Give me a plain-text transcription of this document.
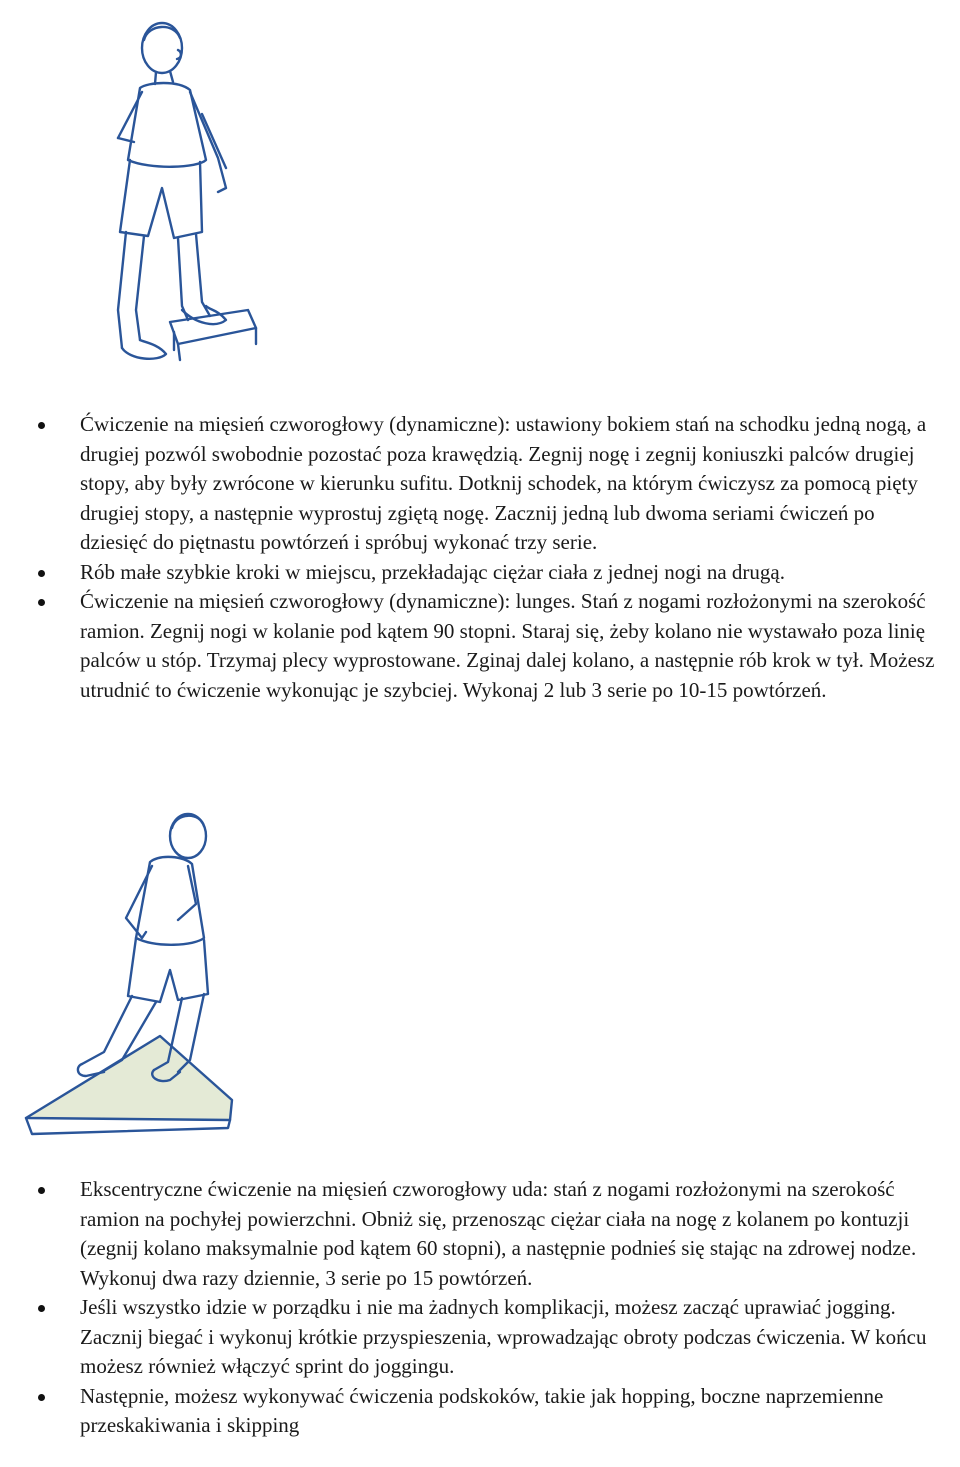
Ćwiczenie na mięsień czworogłowy (dynamiczne): ustawiony bokiem stań na schodku jedną nogą, a drugiej pozwól swobodnie pozostać poza krawędzią. Zegnij nogę i zegnij koniuszki palców drugiej stopy, aby były zwrócone w kierunku sufitu. Dotknij schodek, na którym ćwiczysz za pomocą pięty drugiej stopy, a następnie wyprostuj zgiętą nogę. Zacznij jedną lub dwoma seriami ćwiczeń po dziesięć do piętnastu powtórzeń i spróbuj wykonać trzy serie.
Rób małe szybkie kroki w miejscu, przekładając ciężar ciała z jednej nogi na drugą.
Ćwiczenie na mięsień czworogłowy (dynamiczne): lunges. Stań z nogami rozłożonymi na szerokość ramion. Zegnij nogi w kolanie pod kątem 90 stopni. Staraj się, żeby kolano nie wystawało poza linię palców u stóp. Trzymaj plecy wyprostowane. Zginaj dalej kolano, a następnie rób krok w tył. Możesz utrudnić to ćwiczenie wykonując je szybciej. Wykonaj 2 lub 3 serie po 10-15 powtórzeń.
Ekscentryczne ćwiczenie na mięsień czworogłowy uda: stań z nogami rozłożonymi na szerokość ramion na pochyłej powierzchni. Obniż się, przenosząc ciężar ciała na nogę z kolanem po kontuzji (zegnij kolano maksymalnie pod kątem 60 stopni), a następnie podnieś się stając na zdrowej nodze. Wykonuj dwa razy dziennie, 3 serie po 15 powtórzeń.
Jeśli wszystko idzie w porządku i nie ma żadnych komplikacji, możesz zacząć uprawiać jogging. Zacznij biegać i wykonuj krótkie przyspieszenia, wprowadzając obroty podczas ćwiczenia. W końcu możesz również włączyć sprint do joggingu.
Następnie, możesz wykonywać ćwiczenia podskoków, takie jak hopping, boczne naprzemienne przeskakiwania i skipping
